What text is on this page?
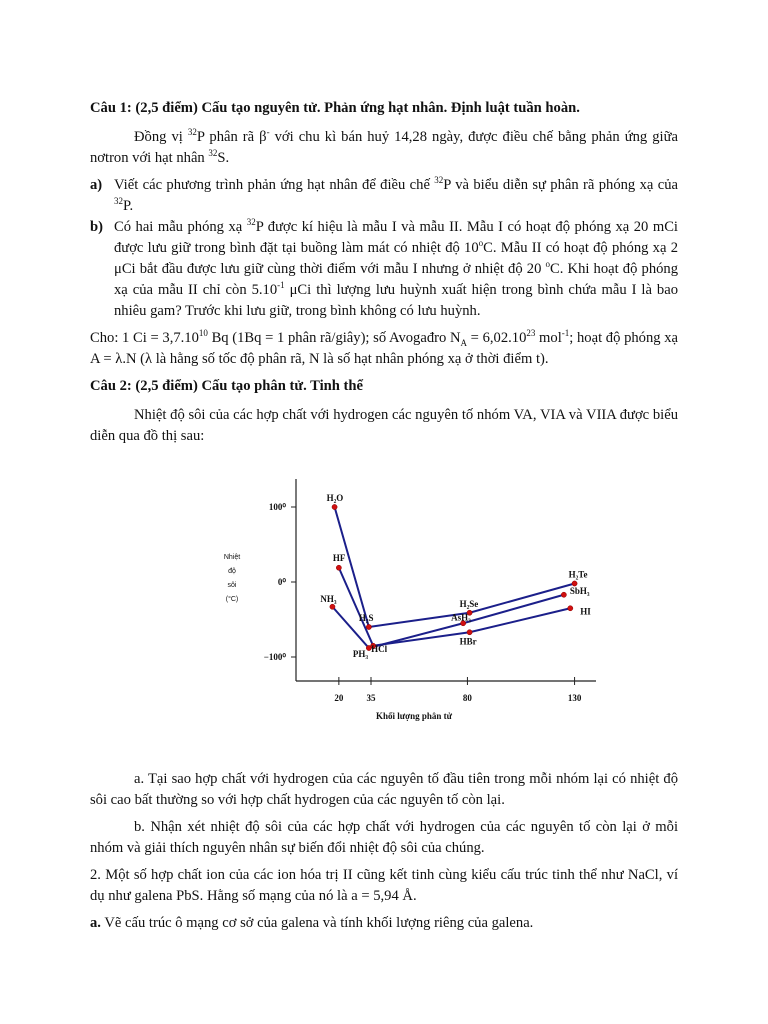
Câu 1: (2,5 điểm) Cấu tạo nguyên tử. Phản ứng hạt nhân. Định luật tuần hoàn.

Đồng vị $^{32}$P phân rã β- với chu kì bán huỷ 14,28 ngày, được điều chế bằng phản ứng giữa nơtron với hạt nhân $^{32}$S.

a) Viết các phương trình phản ứng hạt nhân để điều chế $^{32}$P và biểu diễn sự phân rã phóng xạ của $^{32}$P.
b) Có hai mẫu phóng xạ $^{32}$P được kí hiệu là mẫu I và mẫu II. Mẫu I có hoạt độ phóng xạ 20 mCi được lưu giữ trong bình đặt tại buồng làm mát có nhiệt độ 10$^o$C. Mẫu II có hoạt độ phóng xạ 2 μCi bắt đầu được lưu giữ cùng thời điểm với mẫu I nhưng ở nhiệt độ 20 $^o$C. Khi hoạt độ phóng xạ của mẫu II chỉ còn $5.10^{-1}$ μCi thì lượng lưu huỳnh xuất hiện trong bình chứa mẫu I là bao nhiêu gam? Trước khi lưu giữ, trong bình không có lưu huỳnh.

Cho: 1 $Ci = 3,7.10^{10}$ Bq (1Bq = 1 phân rã/giây); số Avogađro $N_A = 6,02.10^{23}$ mol$^{-1}$; hoạt độ phóng xạ A = λ.N (λ là hằng số tốc độ phân rã, N là số hạt nhân phóng xạ ở thời điểm t).

Câu 2: (2,5 điểm) Cấu tạo phân tử. Tinh thể

Nhiệt độ sôi của các hợp chất với hydrogen các nguyên tố nhóm VA, VIA và VIIA được biểu diễn qua đồ thị sau:

100⁰
0⁰
−100⁰
20	35	80	130
Khối lượng phân tử
Nhiệt
độ
sôi
(°C)
H₂O
H₂S
H₂Se
H₂Te
HF
HCl
HBr
HI
NH₃
PH₃
AsH₃
SbH₃

a. Tại sao hợp chất với hydrogen của các nguyên tố đầu tiên trong mỗi nhóm lại có nhiệt độ sôi cao bất thường so với hợp chất hydrogen của các nguyên tố còn lại.

b. Nhận xét nhiệt độ sôi của các hợp chất với hydrogen của các nguyên tố còn lại ở mỗi nhóm và giải thích nguyên nhân sự biến đổi nhiệt độ sôi của chúng.

2. Một số hợp chất ion của các ion hóa trị II cũng kết tinh cùng kiểu cấu trúc tinh thể như NaCl, ví dụ như galena PbS. Hằng số mạng của nó là a = 5,94 Å.

a. Vẽ cấu trúc ô mạng cơ sở của galena và tính khối lượng riêng của galena.
